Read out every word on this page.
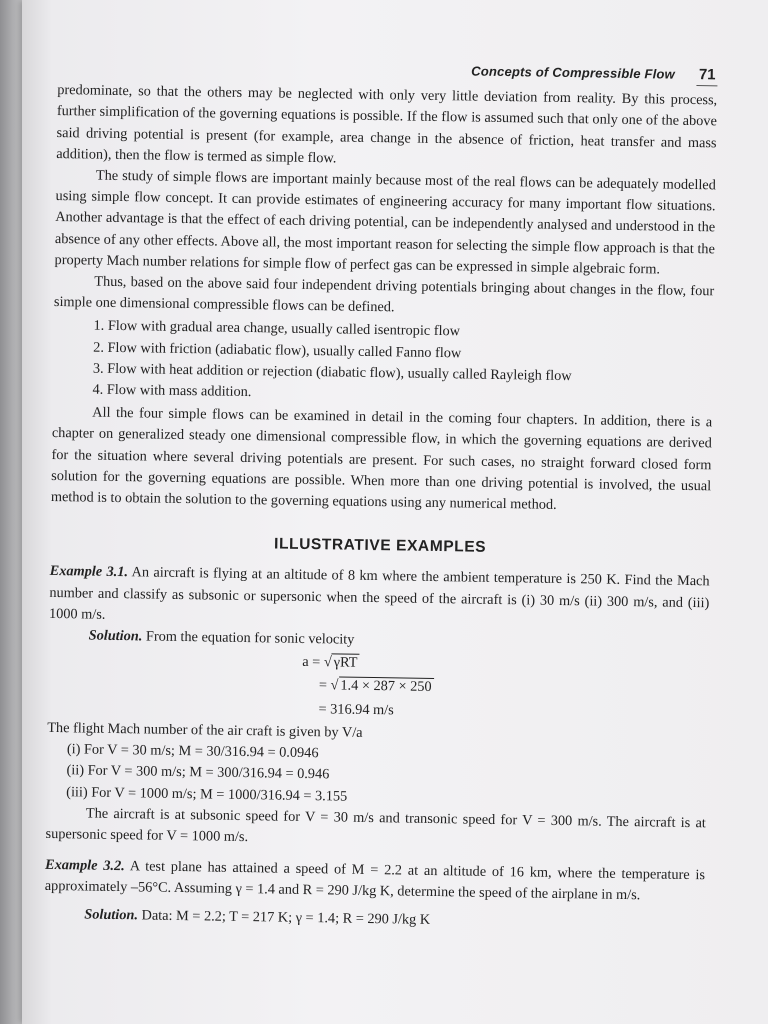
Concepts of Compressible Flow 71

predominate, so that the others may be neglected with only very little deviation from reality. By this process, further simplification of the governing equations is possible. If the flow is assumed such that only one of the above said driving potential is present (for example, area change in the absence of friction, heat transfer and mass addition), then the flow is termed as simple flow.

The study of simple flows are important mainly because most of the real flows can be adequately modelled using simple flow concept. It can provide estimates of engineering accuracy for many important flow situations. Another advantage is that the effect of each driving potential, can be independently analysed and understood in the absence of any other effects. Above all, the most important reason for selecting the simple flow approach is that the property Mach number relations for simple flow of perfect gas can be expressed in simple algebraic form.

Thus, based on the above said four independent driving potentials bringing about changes in the flow, four simple one dimensional compressible flows can be defined.

1. Flow with gradual area change, usually called isentropic flow
2. Flow with friction (adiabatic flow), usually called Fanno flow
3. Flow with heat addition or rejection (diabatic flow), usually called Rayleigh flow
4. Flow with mass addition.

All the four simple flows can be examined in detail in the coming four chapters. In addition, there is a chapter on generalized steady one dimensional compressible flow, in which the governing equations are derived for the situation where several driving potentials are present. For such cases, no straight forward closed form solution for the governing equations are possible. When more than one driving potential is involved, the usual method is to obtain the solution to the governing equations using any numerical method.

ILLUSTRATIVE EXAMPLES

Example 3.1. An aircraft is flying at an altitude of 8 km where the ambient temperature is 250 K. Find the Mach number and classify as subsonic or supersonic when the speed of the aircraft is (i) 30 m/s (ii) 300 m/s, and (iii) 1000 m/s.

Solution. From the equation for sonic velocity

a = √ γRT
= √ 1.4 × 287 × 250
= 316.94 m/s

The flight Mach number of the air craft is given by V/a

(i) For V = 30 m/s; M = 30/316.94 = 0.0946
(ii) For V = 300 m/s; M = 300/316.94 = 0.946
(iii) For V = 1000 m/s; M = 1000/316.94 = 3.155

The aircraft is at subsonic speed for V = 30 m/s and transonic speed for V = 300 m/s. The aircraft is at supersonic speed for V = 1000 m/s.

Example 3.2. A test plane has attained a speed of M = 2.2 at an altitude of 16 km, where the temperature is approximately –56°C. Assuming γ = 1.4 and R = 290 J/kg K, determine the speed of the airplane in m/s.

Solution. Data: M = 2.2; T = 217 K; γ = 1.4; R = 290 J/kg K
